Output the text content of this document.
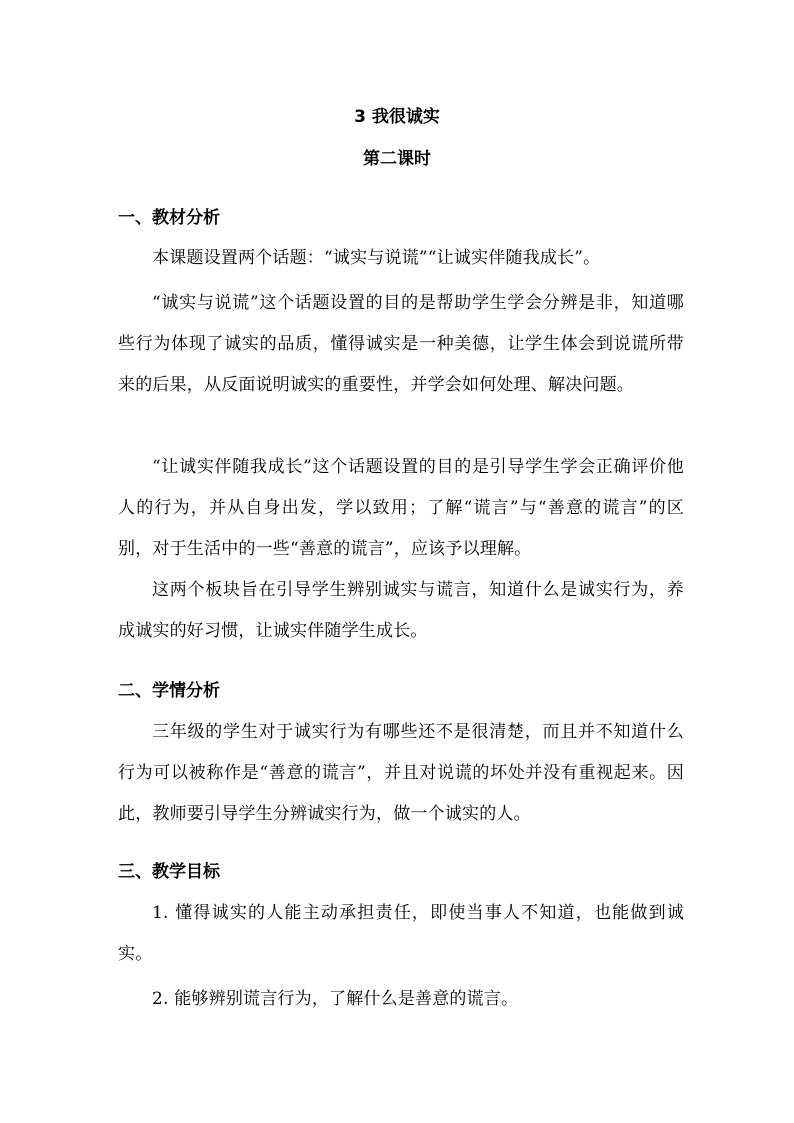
3 我很诚实
第二课时
一、教材分析
本课题设置两个话题：“诚实与说谎”“让诚实伴随我成长”。
“诚实与说谎”这个话题设置的目的是帮助学生学会分辨是非，知道哪些行为体现了诚实的品质，懂得诚实是一种美德，让学生体会到说谎所带来的后果，从反面说明诚实的重要性，并学会如何处理、解决问题。
“让诚实伴随我成长”这个话题设置的目的是引导学生学会正确评价他人的行为，并从自身出发，学以致用；了解“谎言”与“善意的谎言”的区别，对于生活中的一些“善意的谎言”，应该予以理解。
这两个板块旨在引导学生辨别诚实与谎言，知道什么是诚实行为，养成诚实的好习惯，让诚实伴随学生成长。
二、学情分析
三年级的学生对于诚实行为有哪些还不是很清楚，而且并不知道什么行为可以被称作是“善意的谎言”，并且对说谎的坏处并没有重视起来。因此，教师要引导学生分辨诚实行为，做一个诚实的人。
三、教学目标
1. 懂得诚实的人能主动承担责任，即使当事人不知道，也能做到诚实。
2. 能够辨别谎言行为，了解什么是善意的谎言。
